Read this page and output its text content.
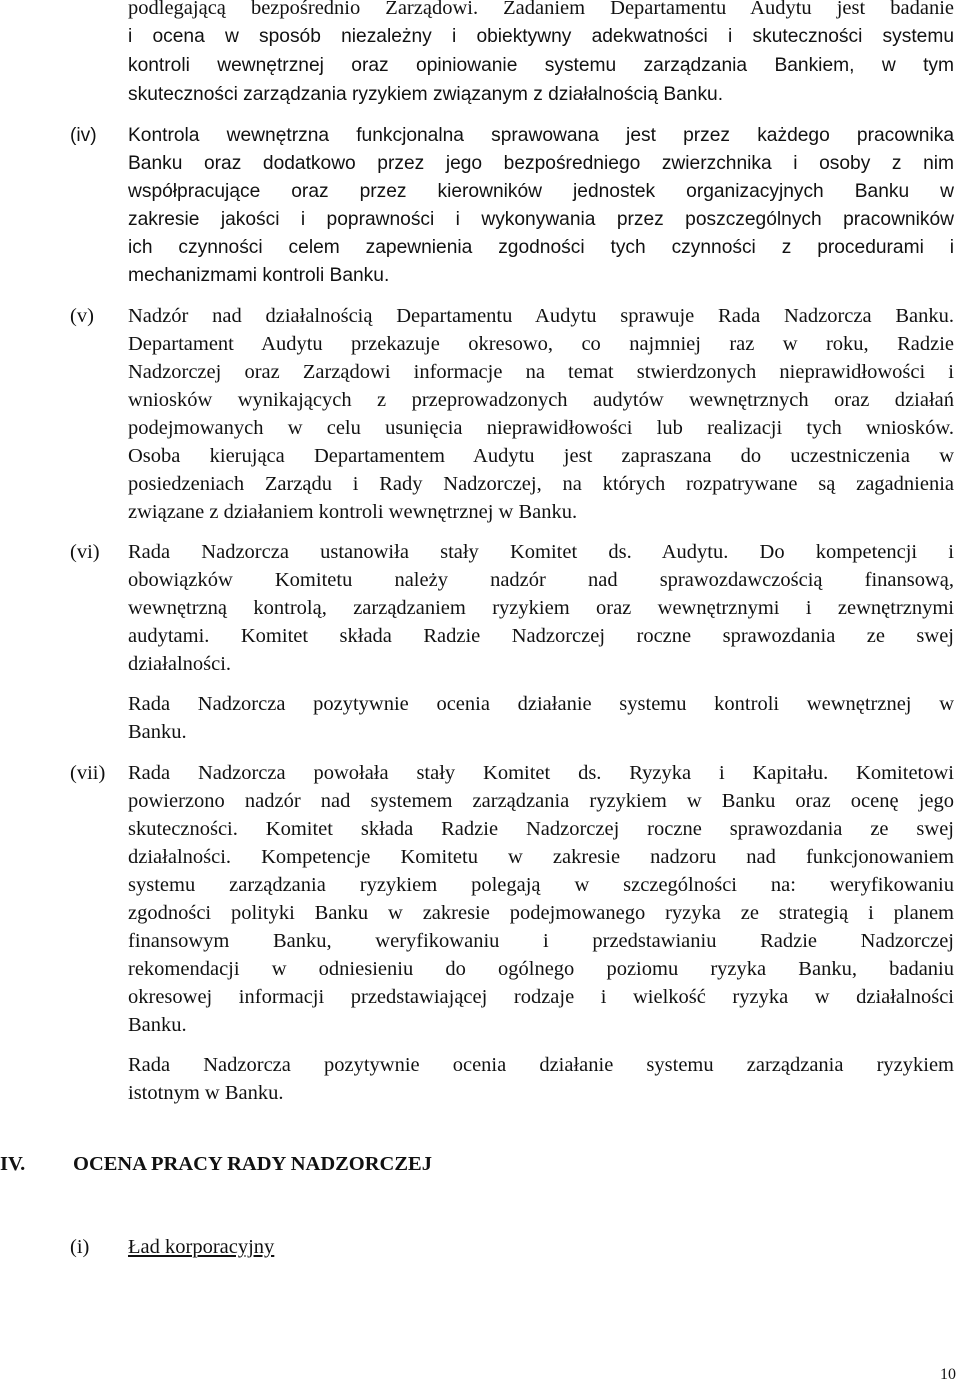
podlegającą bezpośrednio Zarządowi. Zadaniem Departamentu Audytu jest badanie
i ocena w sposób niezależny i obiektywny adekwatności i skuteczności systemu
kontroli wewnętrznej oraz opiniowanie systemu zarządzania Bankiem, w tym
skuteczności zarządzania ryzykiem związanym z działalnością Banku.
(iv) Kontrola wewnętrzna funkcjonalna sprawowana jest przez każdego pracownika
Banku oraz dodatkowo przez jego bezpośredniego zwierzchnika i osoby z nim
współpracujące oraz przez kierowników jednostek organizacyjnych Banku w
zakresie jakości i poprawności i wykonywania przez poszczególnych pracowników
ich czynności celem zapewnienia zgodności tych czynności z procedurami i
mechanizmami kontroli Banku.
(v) Nadzór nad działalnością Departamentu Audytu sprawuje Rada Nadzorcza Banku.
Departament Audytu przekazuje okresowo, co najmniej raz w roku, Radzie
Nadzorczej oraz Zarządowi informacje na temat stwierdzonych nieprawidłowości i
wniosków wynikających z przeprowadzonych audytów wewnętrznych oraz działań
podejmowanych w celu usunięcia nieprawidłowości lub realizacji tych wniosków.
Osoba kierująca Departamentem Audytu jest zapraszana do uczestniczenia w
posiedzeniach Zarządu i Rady Nadzorczej, na których rozpatrywane są zagadnienia
związane z działaniem kontroli wewnętrznej w Banku.
(vi) Rada Nadzorcza ustanowiła stały Komitet ds. Audytu. Do kompetencji i
obowiązków Komitetu należy nadzór nad sprawozdawczością finansową,
wewnętrzną kontrolą, zarządzaniem ryzykiem oraz wewnętrznymi i zewnętrznymi
audytami. Komitet składa Radzie Nadzorczej roczne sprawozdania ze swej
działalności.
Rada Nadzorcza pozytywnie ocenia działanie systemu kontroli wewnętrznej w
Banku.
(vii) Rada Nadzorcza powołała stały Komitet ds. Ryzyka i Kapitału. Komitetowi
powierzono nadzór nad systemem zarządzania ryzykiem w Banku oraz ocenę jego
skuteczności. Komitet składa Radzie Nadzorczej roczne sprawozdania ze swej
działalności. Kompetencje Komitetu w zakresie nadzoru nad funkcjonowaniem
systemu zarządzania ryzykiem polegają w szczególności na: weryfikowaniu
zgodności polityki Banku w zakresie podejmowanego ryzyka ze strategią i planem
finansowym Banku, weryfikowaniu i przedstawianiu Radzie Nadzorczej
rekomendacji w odniesieniu do ogólnego poziomu ryzyka Banku, badaniu
okresowej informacji przedstawiającej rodzaje i wielkość ryzyka w działalności
Banku.
Rada Nadzorcza pozytywnie ocenia działanie systemu zarządzania ryzykiem
istotnym w Banku.
IV. OCENA PRACY RADY NADZORCZEJ
(i) Ład korporacyjny
10
